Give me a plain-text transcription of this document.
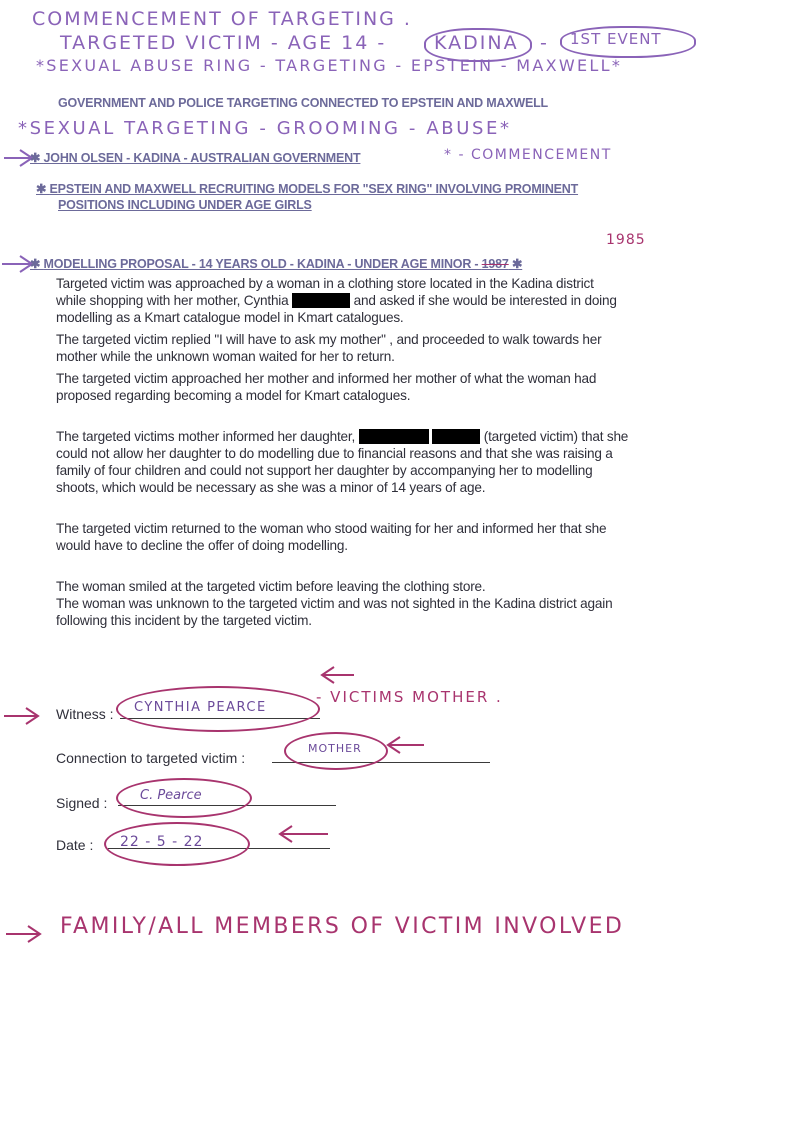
COMMENCEMENT OF TARGETING .
TARGETED VICTIM - AGE 14 -	KADINA - 1ST EVENT
*SEXUAL ABUSE RING - TARGETING - EPSTEIN - MAXWELL*
GOVERNMENT AND POLICE TARGETING CONNECTED TO EPSTEIN AND MAXWELL
*SEXUAL TARGETING - GROOMING - ABUSE*
✱ JOHN OLSEN - KADINA - AUSTRALIAN GOVERNMENT	* - COMMENCEMENT
✱ EPSTEIN AND MAXWELL RECRUITING MODELS FOR "SEX RING" INVOLVING PROMINENT
POSITIONS INCLUDING UNDER AGE GIRLS
1985
✱ MODELLING PROPOSAL - 14 YEARS OLD - KADINA - UNDER AGE MINOR - 1987 ✱

Targeted victim was approached by a woman in a clothing store located in the Kadina district
while shopping with her mother, Cynthia	and asked if she would be interested in doing
modelling as a Kmart catalogue model in Kmart catalogues.

The targeted victim replied "I will have to ask my mother" , and proceeded to walk towards her
mother while the unknown woman waited for her to return.

The targeted victim approached her mother and informed her mother of what the woman had
proposed regarding becoming a model for Kmart catalogues.

The targeted victims mother informed her daughter,	(targeted victim) that she
could not allow her daughter to do modelling due to financial reasons and that she was raising a
family of four children and could not support her daughter by accompanying her to modelling
shoots, which would be necessary as she was a minor of 14 years of age.

The targeted victim returned to the woman who stood waiting for her and informed her that she
would have to decline the offer of doing modelling.

The woman smiled at the targeted victim before leaving the clothing store.
The woman was unknown to the targeted victim and was not sighted in the Kadina district again
following this incident by the targeted victim.

Witness : CYNTHIA PEARCE
- VICTIMS MOTHER .
Connection to targeted victim :
MOTHER
Signed :	C. Pearce
Date : 22 - 5 - 22
FAMILY/ALL MEMBERS OF VICTIM INVOLVED
